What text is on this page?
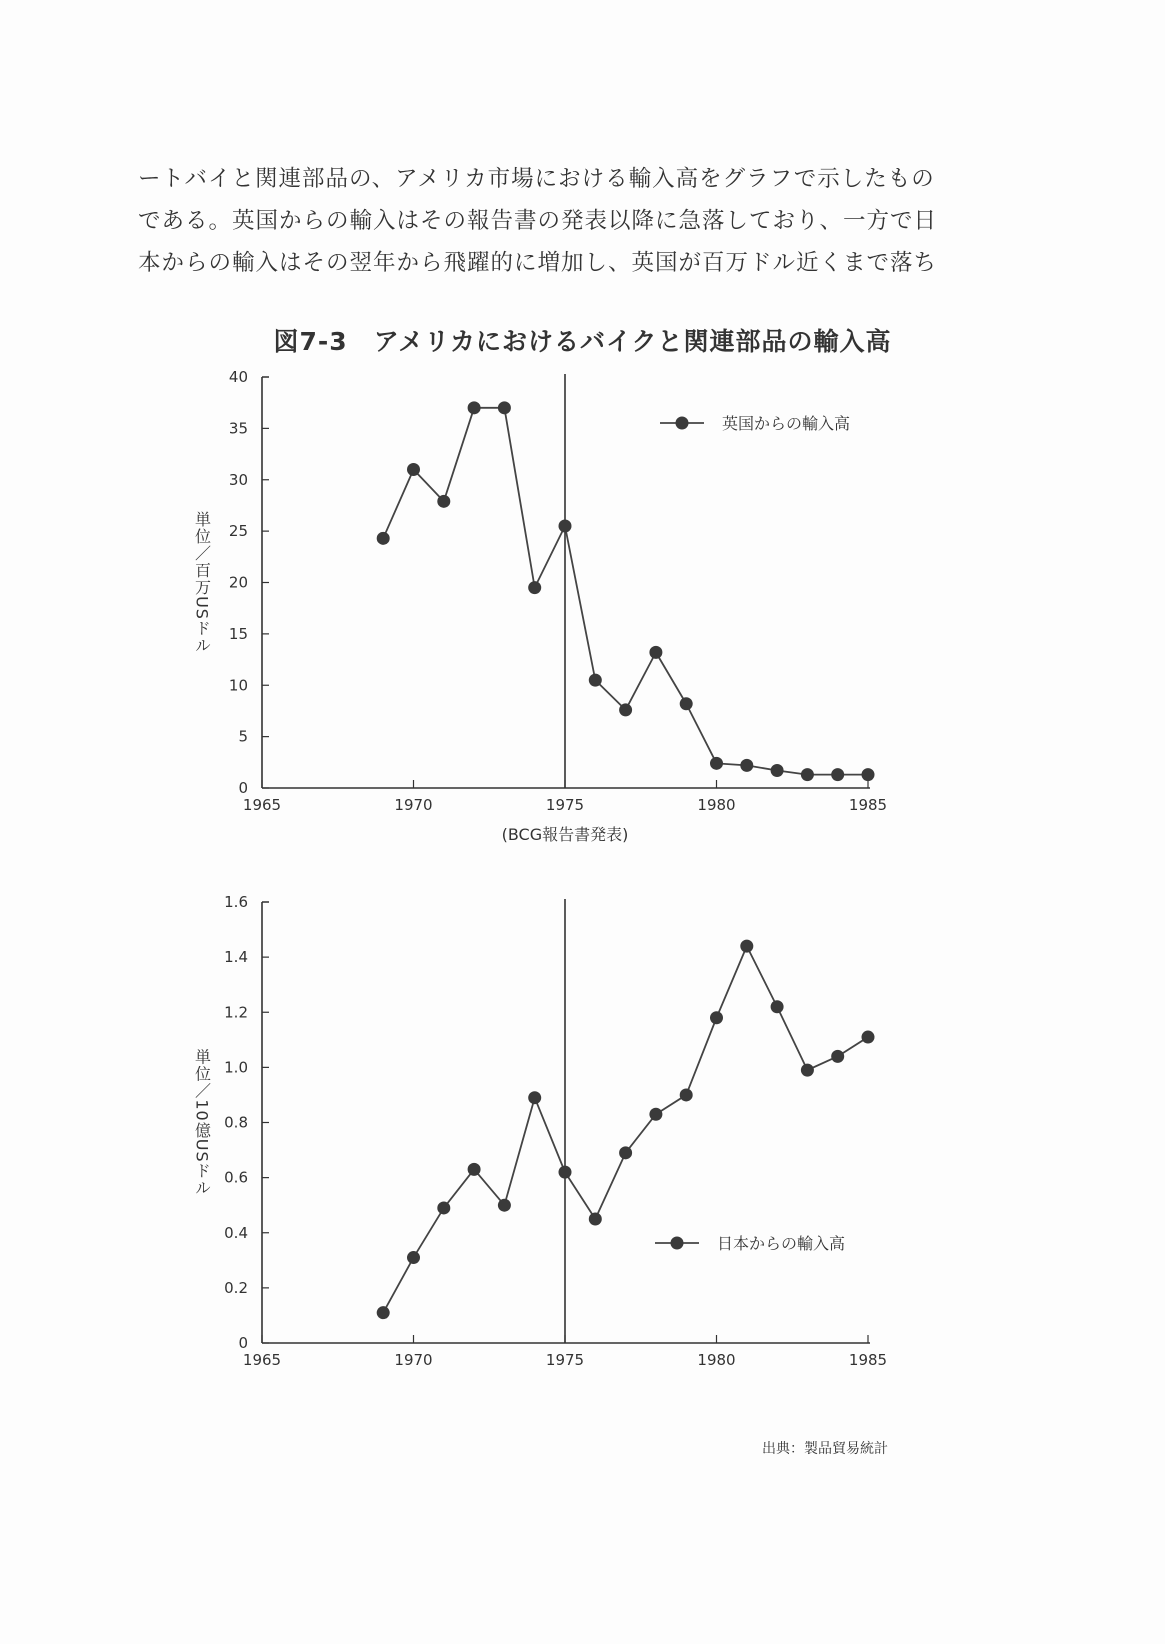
ートバイと関連部品の、アメリカ市場における輸入高をグラフで示したもの
である。英国からの輸入はその報告書の発表以降に急落しており、一方で日
本からの輸入はその翌年から飛躍的に増加し、英国が百万ドル近くまで落ち
図7-3　アメリカにおけるバイクと関連部品の輸入高
0
5
10
15
20
25
30
35
40
1965	1970	1975	1980	1985
(BCG報告書発表)
単位／百万USドル
英国からの輸入高
0
0.2
0.4
0.6
0.8
1.0
1.2
1.4
1.6
1965	1970	1975	1980	1985
単位／10億USドル
日本からの輸入高
出典：製品貿易統計
